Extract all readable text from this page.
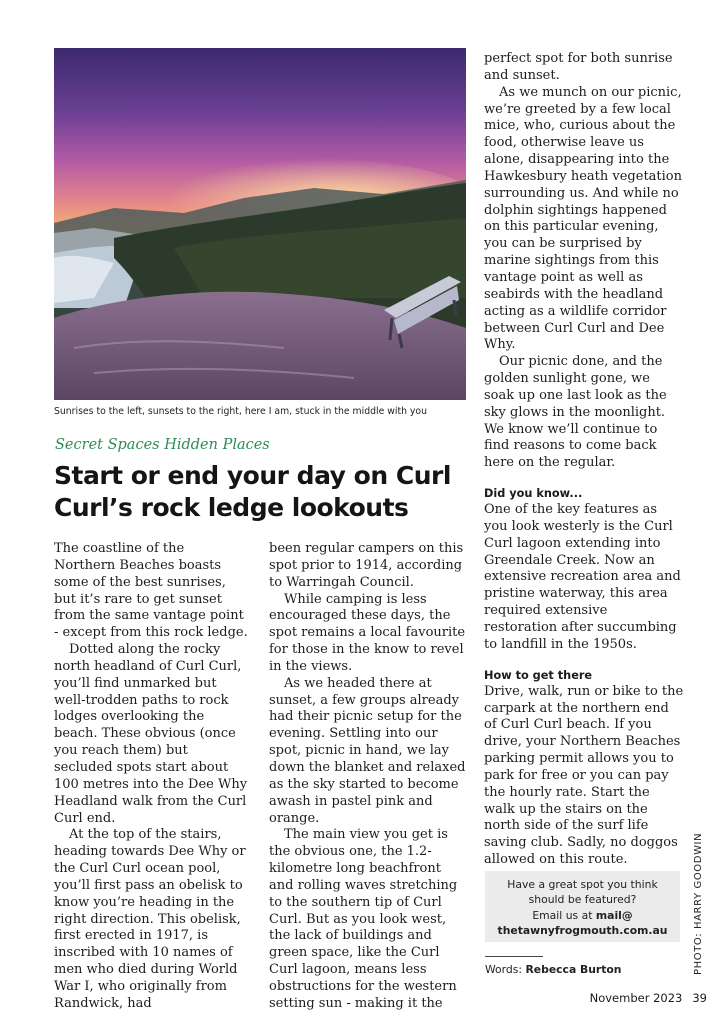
Sunrises to the left, sunsets to the right, here I am, stuck in the middle with you
Secret Spaces Hidden Places
Start or end your day on Curl Curl’s rock ledge lookouts

The coastline of the Northern Beaches boasts some of the best sunrises, but it’s rare to get sunset from the same vantage point - except from this rock ledge.

Dotted along the rocky north headland of Curl Curl, you’ll find unmarked but well-trodden paths to rock lodges overlooking the beach. These obvious (once you reach them) but secluded spots start about 100 metres into the Dee Why Headland walk from the Curl Curl end.

At the top of the stairs, heading towards Dee Why or the Curl Curl ocean pool, you’ll first pass an obelisk to know you’re heading in the right direction. This obelisk, first erected in 1917, is inscribed with 10 names of men who died during World War I, who originally from Randwick, had

been regular campers on this spot prior to 1914, according to Warringah Council.

While camping is less encouraged these days, the spot remains a local favourite for those in the know to revel in the views.

As we headed there at sunset, a few groups already had their picnic setup for the evening. Settling into our spot, picnic in hand, we lay down the blanket and relaxed as the sky started to become awash in pastel pink and orange.

The main view you get is the obvious one, the 1.2-kilometre long beachfront and rolling waves stretching to the southern tip of Curl Curl. But as you look west, the lack of buildings and green space, like the Curl Curl lagoon, means less obstructions for the western setting sun - making it the

perfect spot for both sunrise and sunset.

As we munch on our picnic, we’re greeted by a few local mice, who, curious about the food, otherwise leave us alone, disappearing into the Hawkesbury heath vegetation surrounding us. And while no dolphin sightings happened on this particular evening, you can be surprised by marine sightings from this vantage point as well as seabirds with the headland acting as a wildlife corridor between Curl Curl and Dee Why.

Our picnic done, and the golden sunlight gone, we soak up one last look as the sky glows in the moonlight. We know we’ll continue to find reasons to come back here on the regular.

Did you know...

One of the key features as you look westerly is the Curl Curl lagoon extending into Greendale Creek. Now an extensive recreation area and pristine waterway, this area required extensive restoration after succumbing to landfill in the 1950s.

How to get there

Drive, walk, run or bike to the carpark at the northern end of Curl Curl beach. If you drive, your Northern Beaches parking permit allows you to park for free or you can pay the hourly rate. Start the walk up the stairs on the north side of the surf life saving club. Sadly, no doggos allowed on this route.

Have a great spot you think
should be featured?
Email us at mail@
thetawnyfrogmouth.com.au
Words: Rebecca Burton	PHOTO: HARRY GOODWIN
November 2023 39
